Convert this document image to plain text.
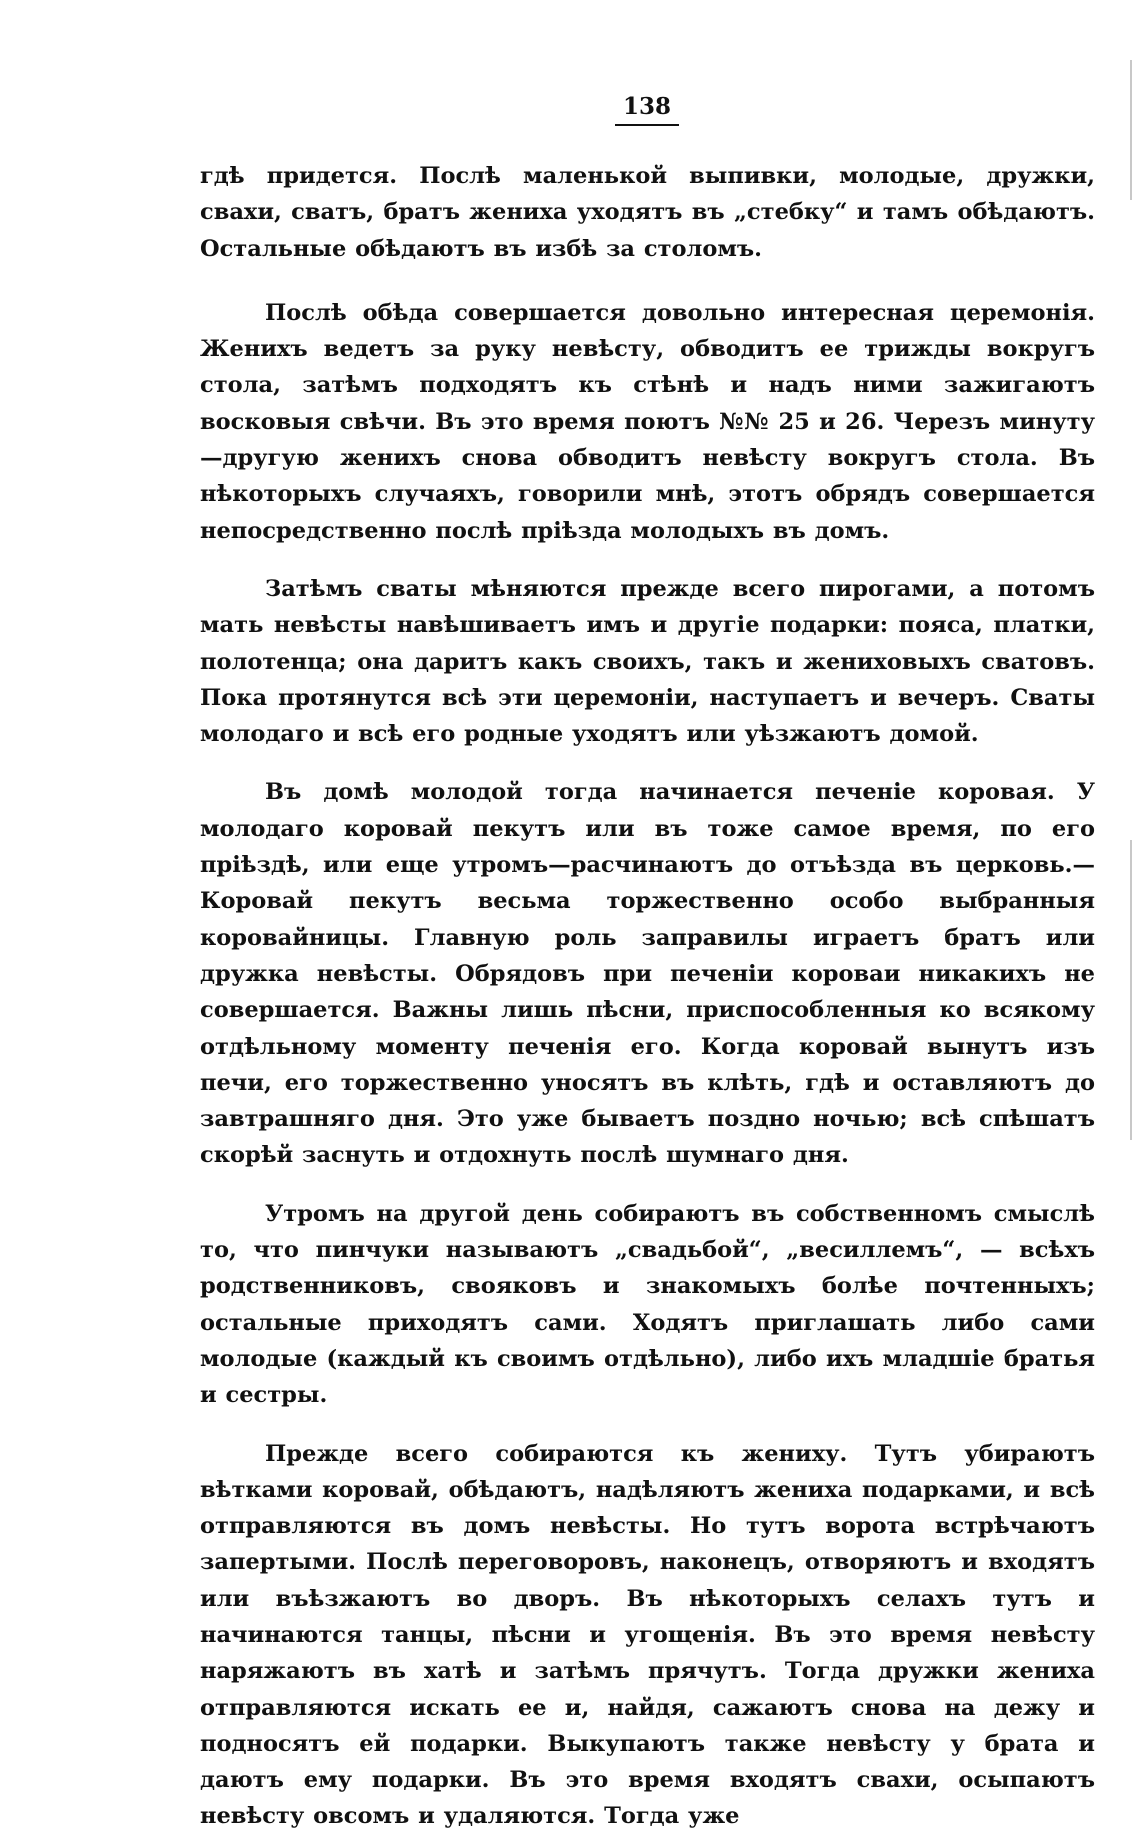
138

гдѣ придется. Послѣ маленькой выпивки, молодые, дружки, свахи, сватъ, братъ жениха уходятъ въ „стебку“ и тамъ обѣдаютъ. Остальные обѣдаютъ въ избѣ за столомъ.

Послѣ обѣда совершается довольно интересная церемонія. Женихъ ведетъ за руку невѣсту, обводитъ ее трижды вокругъ стола, затѣмъ подходятъ къ стѣнѣ и надъ ними зажигаютъ восковыя свѣчи. Въ это время поютъ №№ 25 и 26. Черезъ минуту—другую женихъ снова обводитъ невѣсту вокругъ стола. Въ нѣкоторыхъ случаяхъ, говорили мнѣ, этотъ обрядъ совершается непосредственно послѣ пріѣзда молодыхъ въ домъ.

Затѣмъ сваты мѣняются прежде всего пирогами, а потомъ мать невѣсты навѣшиваетъ имъ и другіе подарки: пояса, платки, полотенца; она даритъ какъ своихъ, такъ и жениховыхъ сватовъ. Пока протянутся всѣ эти церемоніи, наступаетъ и вечеръ. Сваты молодаго и всѣ его родные уходятъ или уѣзжаютъ домой.

Въ домѣ молодой тогда начинается печеніе коровая. У молодаго коровай пекутъ или въ тоже самое время, по его пріѣздѣ, или еще утромъ—расчинаютъ до отъѣзда въ церковь.—Коровай пекутъ весьма торжественно особо выбранныя коровайницы. Главную роль заправилы играетъ братъ или дружка невѣсты. Обрядовъ при печеніи короваи никакихъ не совершается. Важны лишь пѣсни, приспособленныя ко всякому отдѣльному моменту печенія его. Когда коровай вынутъ изъ печи, его торжественно уносятъ въ клѣть, гдѣ и оставляютъ до завтрашняго дня. Это уже бываетъ поздно ночью; всѣ спѣшатъ скорѣй заснуть и отдохнуть послѣ шумнаго дня.

Утромъ на другой день собираютъ въ собственномъ смыслѣ то, что пинчуки называютъ „свадьбой“, „весиллемъ“, — всѣхъ родственниковъ, свояковъ и знакомыхъ болѣе почтенныхъ; остальные приходятъ сами. Ходятъ приглашать либо сами молодые (каждый къ своимъ отдѣльно), либо ихъ младшіе братья и сестры.

Прежде всего собираются къ жениху. Тутъ убираютъ вѣтками коровай, обѣдаютъ, надѣляютъ жениха подарками, и всѣ отправляются въ домъ невѣсты. Но тутъ ворота встрѣчаютъ запертыми. Послѣ переговоровъ, наконецъ, отворяютъ и входятъ или въѣзжаютъ во дворъ. Въ нѣкоторыхъ селахъ тутъ и начинаются танцы, пѣсни и угощенія. Въ это время невѣсту наряжаютъ въ хатѣ и затѣмъ прячутъ. Тогда дружки жениха отправляются искать ее и, найдя, сажаютъ снова на дежу и подносятъ ей подарки. Выкупаютъ также невѣсту у брата и даютъ ему подарки. Въ это время входятъ свахи, осыпаютъ невѣсту овсомъ и удаляются. Тогда уже
